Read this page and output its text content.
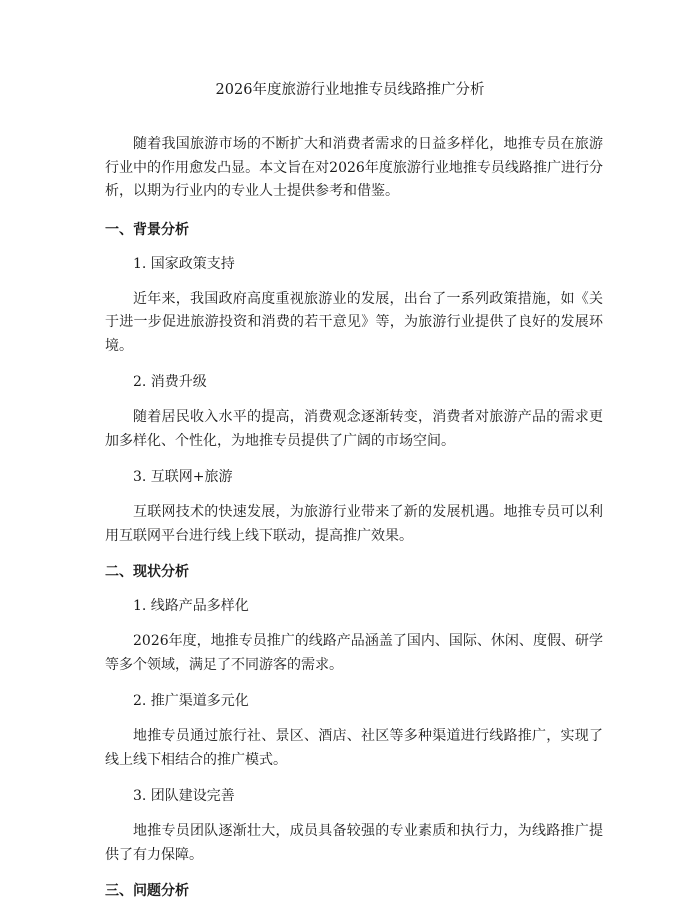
2026年度旅游行业地推专员线路推广分析

随着我国旅游市场的不断扩大和消费者需求的日益多样化，地推专员在旅游行业中的作用愈发凸显。本文旨在对2026年度旅游行业地推专员线路推广进行分析，以期为行业内的专业人士提供参考和借鉴。

一、背景分析
1. 国家政策支持

近年来，我国政府高度重视旅游业的发展，出台了一系列政策措施，如《关于进一步促进旅游投资和消费的若干意见》等，为旅游行业提供了良好的发展环境。

2. 消费升级

随着居民收入水平的提高，消费观念逐渐转变，消费者对旅游产品的需求更加多样化、个性化，为地推专员提供了广阔的市场空间。

3. 互联网+旅游

互联网技术的快速发展，为旅游行业带来了新的发展机遇。地推专员可以利用互联网平台进行线上线下联动，提高推广效果。

二、现状分析
1. 线路产品多样化

2026年度，地推专员推广的线路产品涵盖了国内、国际、休闲、度假、研学等多个领域，满足了不同游客的需求。

2. 推广渠道多元化

地推专员通过旅行社、景区、酒店、社区等多种渠道进行线路推广，实现了线上线下相结合的推广模式。

3. 团队建设完善

地推专员团队逐渐壮大，成员具备较强的专业素质和执行力，为线路推广提供了有力保障。

三、问题分析
